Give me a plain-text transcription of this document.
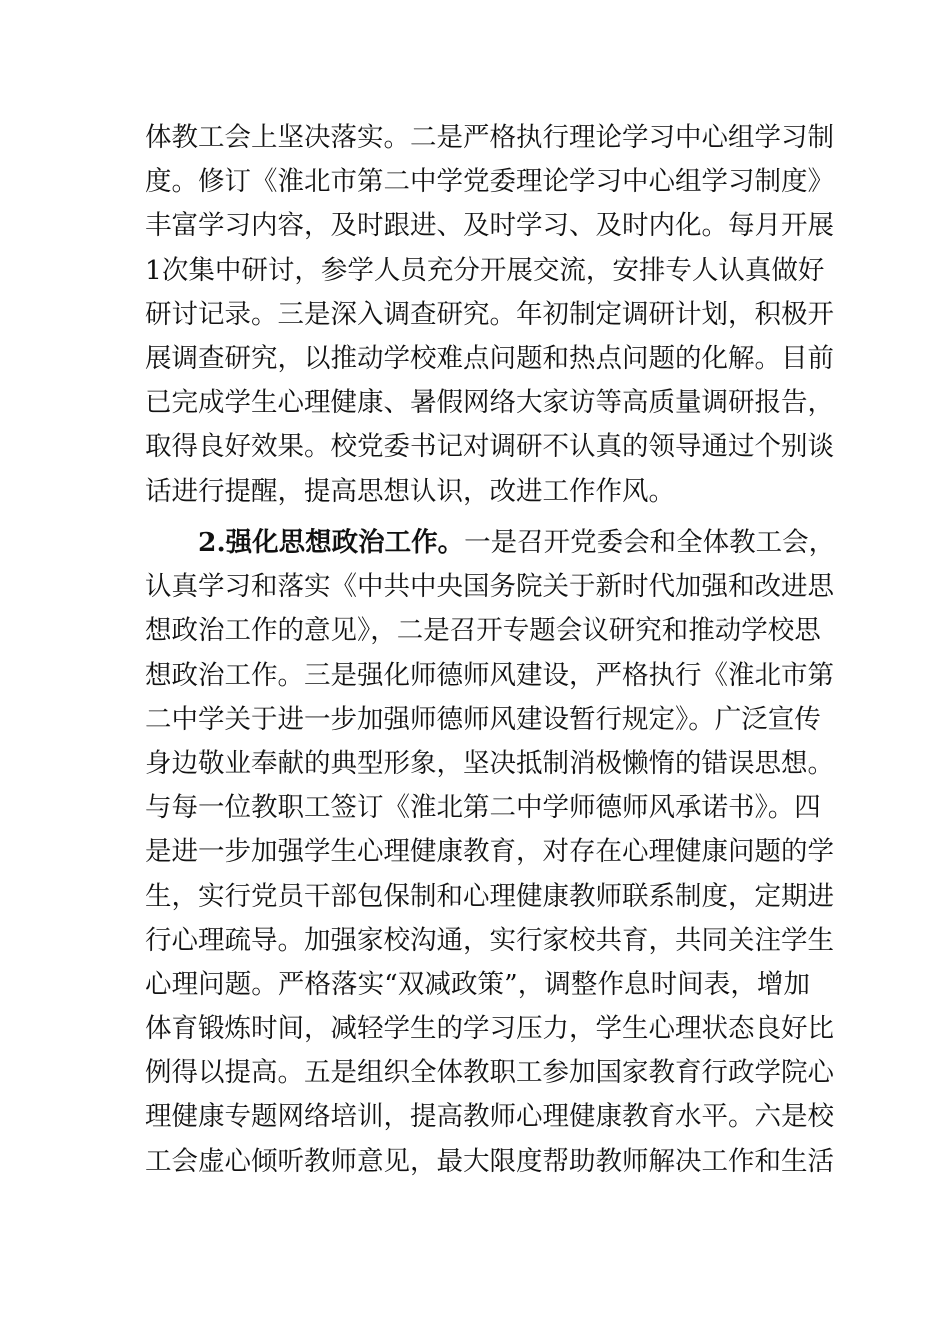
体教工会上坚决落实。二是严格执行理论学习中心组学习制
度。修订《淮北市第二中学党委理论学习中心组学习制度》
丰富学习内容，及时跟进、及时学习、及时内化。每月开展
1次集中研讨，参学人员充分开展交流，安排专人认真做好
研讨记录。三是深入调查研究。年初制定调研计划，积极开
展调查研究，以推动学校难点问题和热点问题的化解。目前
已完成学生心理健康、暑假网络大家访等高质量调研报告，
取得良好效果。校党委书记对调研不认真的领导通过个别谈
话进行提醒，提高思想认识，改进工作作风。
2.强化思想政治工作。一是召开党委会和全体教工会，
认真学习和落实《中共中央国务院关于新时代加强和改进思
想政治工作的意见》，二是召开专题会议研究和推动学校思
想政治工作。三是强化师德师风建设，严格执行《淮北市第
二中学关于进一步加强师德师风建设暂行规定》。广泛宣传
身边敬业奉献的典型形象，坚决抵制消极懒惰的错误思想。
与每一位教职工签订《淮北第二中学师德师风承诺书》。四
是进一步加强学生心理健康教育，对存在心理健康问题的学
生，实行党员干部包保制和心理健康教师联系制度，定期进
行心理疏导。加强家校沟通，实行家校共育，共同关注学生
心理问题。严格落实“双减政策”，调整作息时间表，增加
体育锻炼时间，减轻学生的学习压力，学生心理状态良好比
例得以提高。五是组织全体教职工参加国家教育行政学院心
理健康专题网络培训，提高教师心理健康教育水平。六是校
工会虚心倾听教师意见，最大限度帮助教师解决工作和生活
